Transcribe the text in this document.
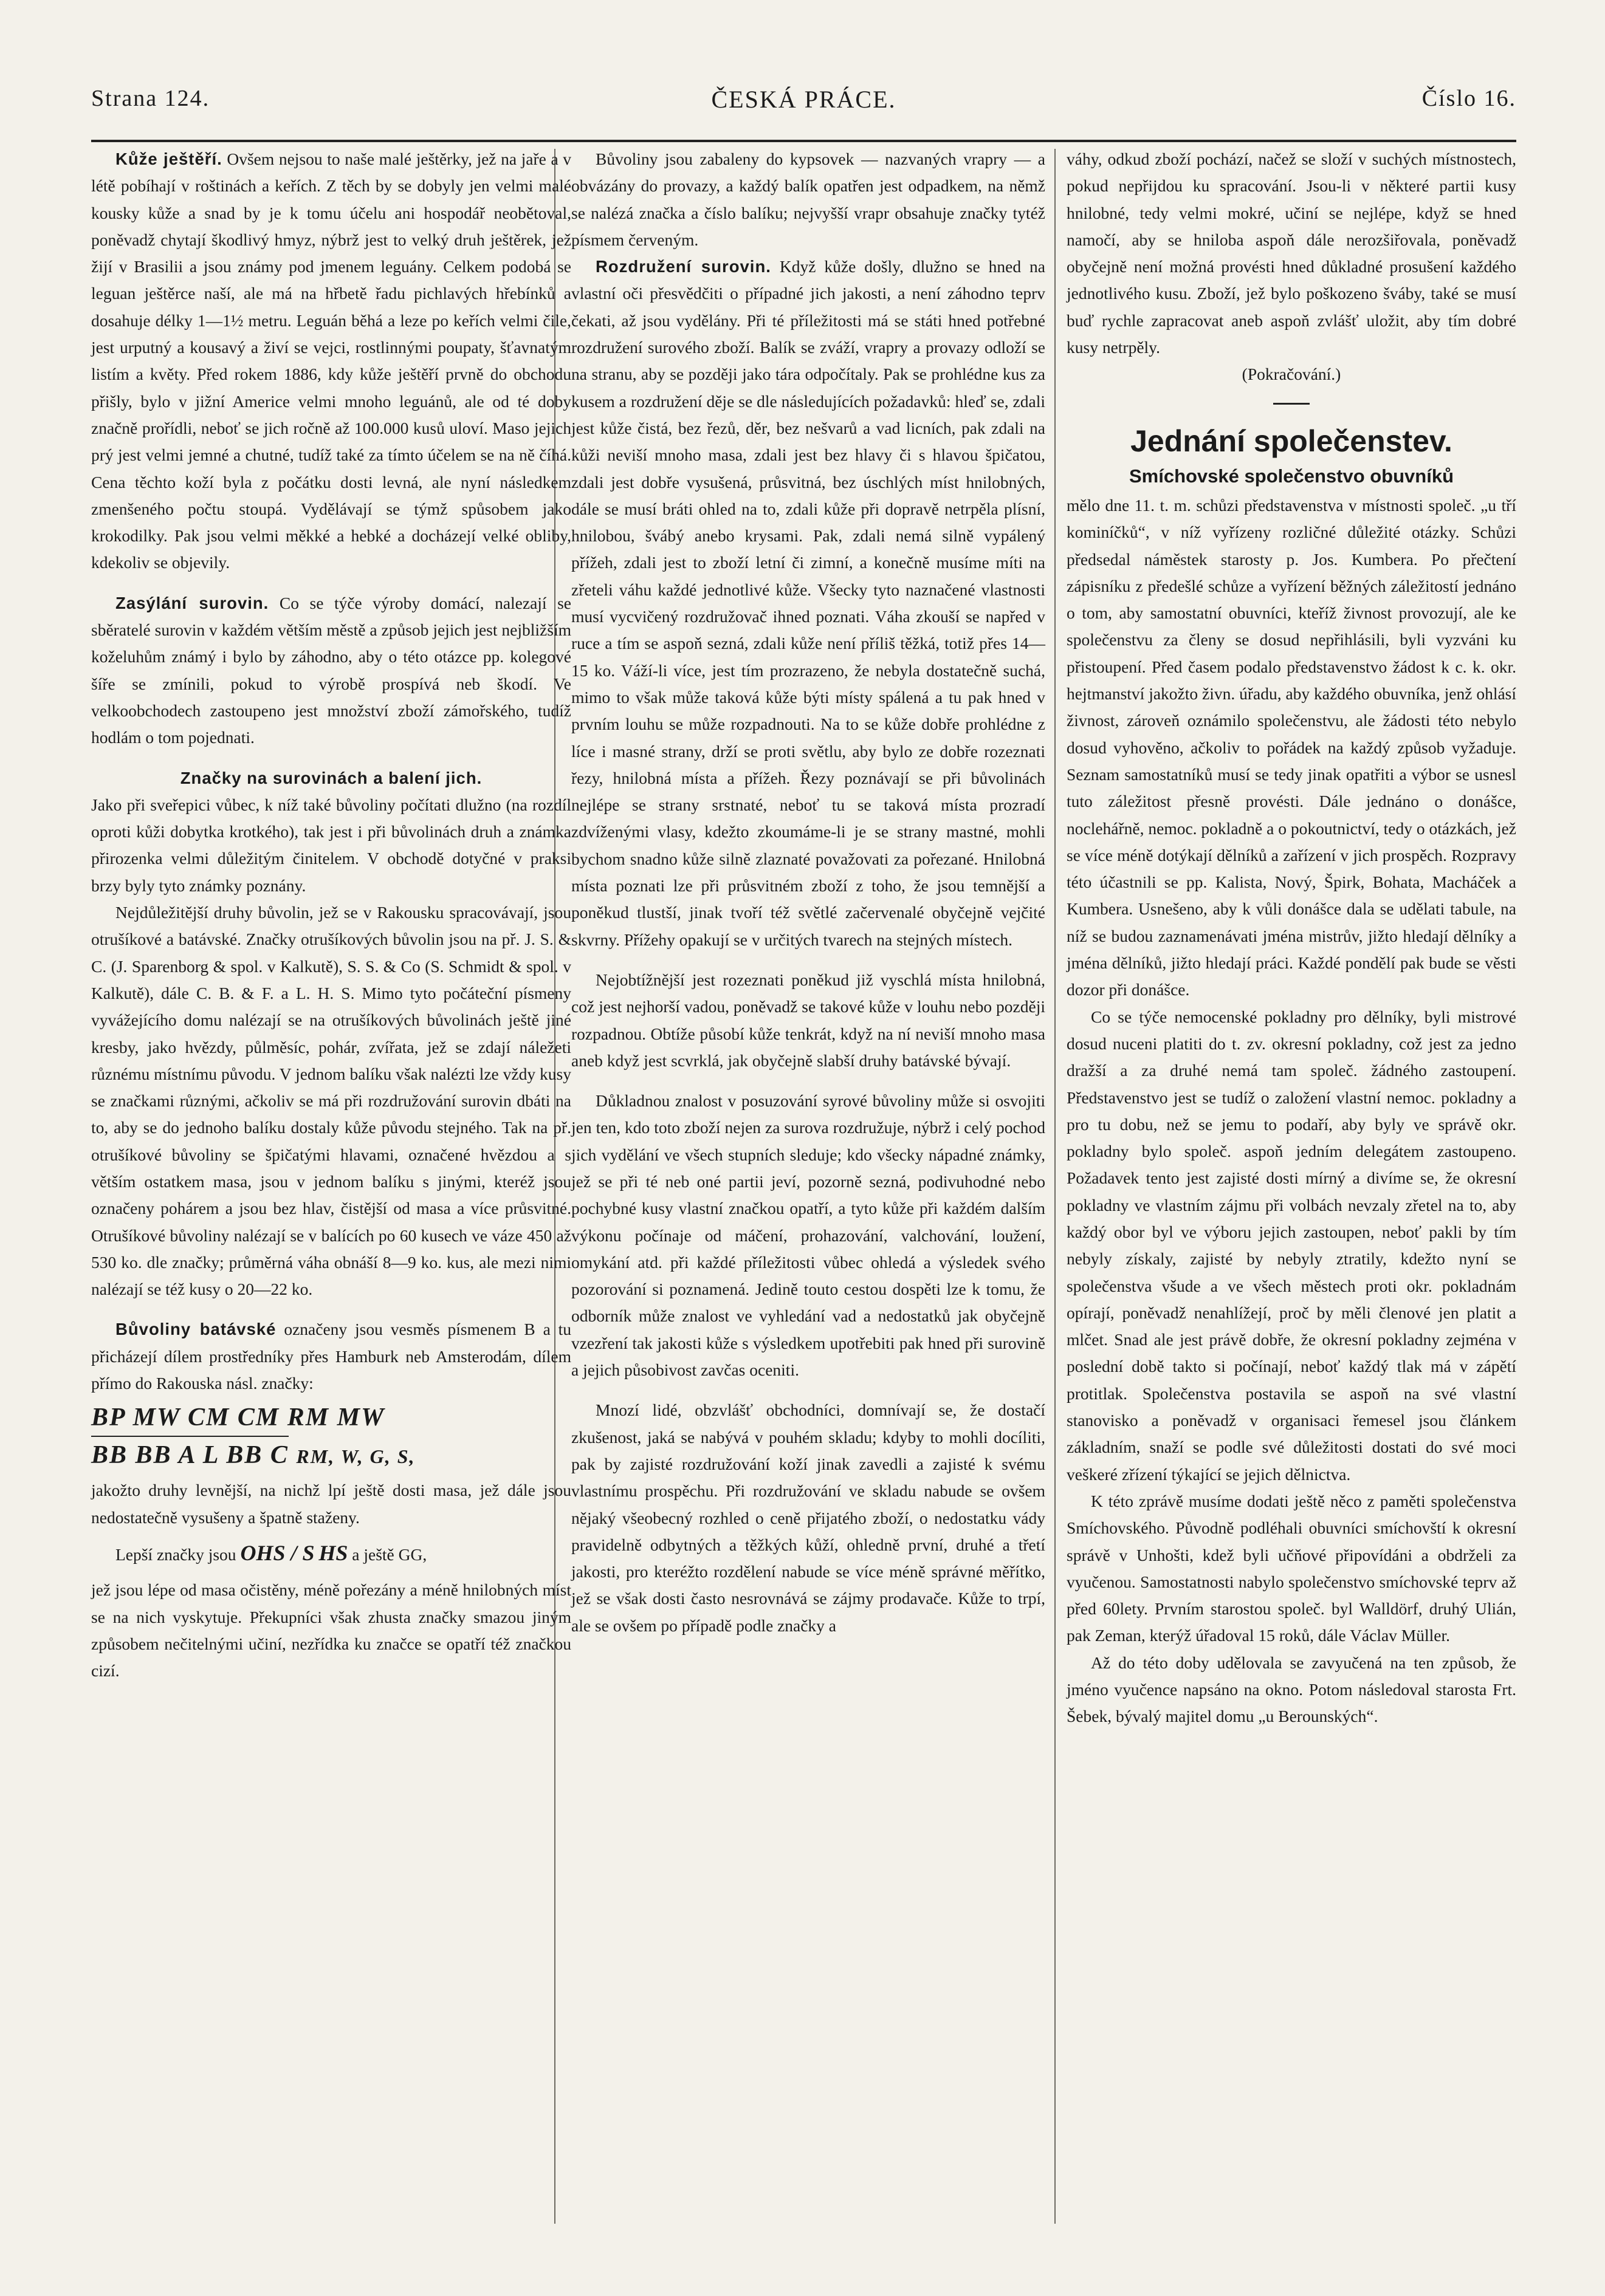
Strana 124.	ČESKÁ PRÁCE.	Číslo 16.

Kůže ještěří. Ovšem nejsou to naše malé ještěrky, jež na jaře a v létě pobíhají v roštinách a keřích. Z těch by se dobyly jen velmi malé kousky kůže a snad by je k tomu účelu ani hospodář neobětoval, poněvadž chytají škodlivý hmyz, nýbrž jest to velký druh ještěrek, jež žijí v Brasilii a jsou známy pod jmenem leguány. Celkem podobá se leguan ještěrce naší, ale má na hřbetě řadu pichlavých hřebínků a dosahuje délky 1—1½ metru. Leguán běhá a leze po keřích velmi čile, jest urputný a kousavý a živí se vejci, rostlinnými poupaty, šťavnatým listím a květy. Před rokem 1886, kdy kůže ještěří prvně do obchodu přišly, bylo v jižní Americe velmi mnoho leguánů, ale od té doby značně prořídli, neboť se jich ročně až 100.000 kusů uloví. Maso jejich prý jest velmi jemné a chutné, tudíž také za tímto účelem se na ně číhá. Cena těchto koží byla z počátku dosti levná, ale nyní následkem zmenšeného počtu stoupá. Vydělávají se týmž spůsobem jako krokodilky. Pak jsou velmi měkké a hebké a docházejí velké obliby, kdekoliv se objevily.

Zasýlání surovin. Co se týče výroby domácí, nalezají se sběratelé surovin v každém větším městě a způsob jejich jest nejbližším koželuhům známý i bylo by záhodno, aby o této otázce pp. kolegové šíře se zmínili, pokud to výrobě prospívá neb škodí. Ve velkoobchodech zastoupeno jest množství zboží zámořského, tudíž hodlám o tom pojednati.

Značky na surovinách a balení jich.

Jako při sveřepici vůbec, k níž také bůvoliny počítati dlužno (na rozdíl oproti kůži dobytka krotkého), tak jest i při bůvolinách druh a známka přirozenka velmi důležitým činitelem. V obchodě dotyčné v praksi brzy byly tyto známky poznány.

Nejdůležitější druhy bůvolin, jež se v Rakousku spracovávají, jsou otrušíkové a batávské. Značky otrušíkových bůvolin jsou na př. J. S. & C. (J. Sparenborg & spol. v Kalkutě), S. S. & Co (S. Schmidt & spol. v Kalkutě), dále C. B. & F. a L. H. S. Mimo tyto počáteční písmeny vyvážejícího domu nalézají se na otrušíkových bůvolinách ještě jiné kresby, jako hvězdy, půlměsíc, pohár, zvířata, jež se zdají náležeti různému místnímu původu. V jednom balíku však nalézti lze vždy kusy se značkami různými, ačkoliv se má při rozdružování surovin dbáti na to, aby se do jednoho balíku dostaly kůže původu stejného. Tak na př. otrušíkové bůvoliny se špičatými hlavami, označené hvězdou a s větším ostatkem masa, jsou v jednom balíku s jinými, kteréž jsou označeny pohárem a jsou bez hlav, čistější od masa a více průsvitné. Otrušíkové bůvoliny nalézají se v balících po 60 kusech ve váze 450 až 530 ko. dle značky; průměrná váha obnáší 8—9 ko. kus, ale mezi nimi nalézají se též kusy o 20—22 ko.

Bůvoliny batávské označeny jsou vesměs písmenem B a tu přicházejí dílem prostředníky přes Hamburk neb Amsterodám, dílem přímo do Rakouska násl. značky:

BP MW CM CM RM MW
BB BB A L BB C RM, W, G, S,

jakožto druhy levnější, na nichž lpí ještě dosti masa, jež dále jsou nedostatečně vysušeny a špatně staženy.

Lepší značky jsou OHS / S HS a ještě GG,

jež jsou lépe od masa očistěny, méně pořezány a méně hnilobných míst se na nich vyskytuje. Překupníci však zhusta značky smazou jiným způsobem nečitelnými učiní, nezřídka ku značce se opatří též značkou cizí.

Bůvoliny jsou zabaleny do kypsovek — nazvaných vrapry — a obvázány do provazy, a každý balík opatřen jest odpadkem, na němž se nalézá značka a číslo balíku; nejvyšší vrapr obsahuje značky tytéž písmem červeným.

Rozdružení surovin. Když kůže došly, dlužno se hned na vlastní oči přesvědčiti o případné jich jakosti, a není záhodno teprv čekati, až jsou vydělány. Při té příležitosti má se státi hned potřebné rozdružení surového zboží. Balík se zváží, vrapry a provazy odloží se na stranu, aby se později jako tára odpočítaly. Pak se prohlédne kus za kusem a rozdružení děje se dle následujících požadavků: hleď se, zdali jest kůže čistá, bez řezů, děr, bez nešvarů a vad licních, pak zdali na kůži neviší mnoho masa, zdali jest bez hlavy či s hlavou špičatou, zdali jest dobře vysušená, průsvitná, bez úschlých míst hnilobných, dále se musí bráti ohled na to, zdali kůže při dopravě netrpěla plísní, hnilobou, švábý anebo krysami. Pak, zdali nemá silně vypálený přížeh, zdali jest to zboží letní či zimní, a konečně musíme míti na zřeteli váhu každé jednotlivé kůže. Všecky tyto naznačené vlastnosti musí vycvičený rozdružovač ihned poznati. Váha zkouší se napřed v ruce a tím se aspoň sezná, zdali kůže není příliš těžká, totiž přes 14—15 ko. Váží-li více, jest tím prozrazeno, že nebyla dostatečně suchá, mimo to však může taková kůže býti místy spálená a tu pak hned v prvním louhu se může rozpadnouti. Na to se kůže dobře prohlédne z líce i masné strany, drží se proti světlu, aby bylo ze dobře rozeznati řezy, hnilobná místa a přížeh. Řezy poznávají se při bůvolinách nejlépe se strany srstnaté, neboť tu se taková místa prozradí zdvíženými vlasy, kdežto zkoumáme-li je se strany mastné, mohli bychom snadno kůže silně zlaznaté považovati za pořezané. Hnilobná místa poznati lze při průsvitném zboží z toho, že jsou temnější a poněkud tlustší, jinak tvoří též světlé začervenalé obyčejně vejčité skvrny. Přížehy opakují se v určitých tvarech na stejných místech.

Nejobtížnější jest rozeznati poněkud již vyschlá místa hnilobná, což jest nejhorší vadou, poněvadž se takové kůže v louhu nebo později rozpadnou. Obtíže působí kůže tenkrát, když na ní neviší mnoho masa aneb když jest scvrklá, jak obyčejně slabší druhy batávské bývají.

Důkladnou znalost v posuzování syrové bůvoliny může si osvojiti jen ten, kdo toto zboží nejen za surova rozdružuje, nýbrž i celý pochod jich vydělání ve všech stupních sleduje; kdo všecky nápadné známky, jež se při té neb oné partii jeví, pozorně sezná, podivuhodné nebo pochybné kusy vlastní značkou opatří, a tyto kůže při každém dalším výkonu počínaje od máčení, prohazování, valchování, loužení, omykání atd. při každé příležitosti vůbec ohledá a výsledek svého pozorování si poznamená. Jedině touto cestou dospěti lze k tomu, že odborník může znalost ve vyhledání vad a nedostatků jak obyčejně vzezření tak jakosti kůže s výsledkem upotřebiti pak hned při surovině a jejich působivost zavčas oceniti.

Mnozí lidé, obzvlášť obchodníci, domnívají se, že dostačí zkušenost, jaká se nabývá v pouhém skladu; kdyby to mohli docíliti, pak by zajisté rozdružování koží jinak zavedli a zajisté k svému vlastnímu prospěchu. Při rozdružování ve skladu nabude se ovšem nějaký všeobecný rozhled o ceně přijatého zboží, o nedostatku vády pravidelně odbytných a těžkých kůží, ohledně první, druhé a třetí jakosti, pro kteréžto rozdělení nabude se více méně správné měřítko, jež se však dosti často nesrovnává se zájmy prodavače. Kůže to trpí, ale se ovšem po případě podle značky a

váhy, odkud zboží pochází, načež se složí v suchých místnostech, pokud nepřijdou ku spracování. Jsou-li v některé partii kusy hnilobné, tedy velmi mokré, učiní se nejlépe, když se hned namočí, aby se hniloba aspoň dále nerozšiřovala, poněvadž obyčejně není možná provésti hned důkladné prosušení každého jednotlivého kusu. Zboží, jež bylo poškozeno šváby, také se musí buď rychle zapracovat aneb aspoň zvlášť uložit, aby tím dobré kusy netrpěly.

(Pokračování.)

Jednání společenstev.
Smíchovské společenstvo obuvníků

mělo dne 11. t. m. schůzi představenstva v místnosti společ. „u tří kominíčků“, v níž vyřízeny rozličné důležité otázky. Schůzi předsedal náměstek starosty p. Jos. Kumbera. Po přečtení zápisníku z předešlé schůze a vyřízení běžných záležitostí jednáno o tom, aby samostatní obuvníci, kteříž živnost provozují, ale ke společenstvu za členy se dosud nepřihlásili, byli vyzváni ku přistoupení. Před časem podalo představenstvo žádost k c. k. okr. hejtmanství jakožto živn. úřadu, aby každého obuvníka, jenž ohlásí živnost, zároveň oznámilo společenstvu, ale žádosti této nebylo dosud vyhověno, ačkoliv to pořádek na každý způsob vyžaduje. Seznam samostatníků musí se tedy jinak opatřiti a výbor se usnesl tuto záležitost přesně provésti. Dále jednáno o donášce, noclehářně, nemoc. pokladně a o pokoutnictví, tedy o otázkách, jež se více méně dotýkají dělníků a zařízení v jich prospěch. Rozpravy této účastnili se pp. Kalista, Nový, Špirk, Bohata, Macháček a Kumbera. Usnešeno, aby k vůli donášce dala se udělati tabule, na níž se budou zaznamenávati jména mistrův, jižto hledají dělníky a jména dělníků, jižto hledají práci. Každé pondělí pak bude se věsti dozor při donášce.

Co se týče nemocenské pokladny pro dělníky, byli mistrové dosud nuceni platiti do t. zv. okresní pokladny, což jest za jedno dražší a za druhé nemá tam společ. žádného zastoupení. Představenstvo jest se tudíž o založení vlastní nemoc. pokladny a pro tu dobu, než se jemu to podaří, aby byly ve správě okr. pokladny bylo společ. aspoň jedním delegátem zastoupeno. Požadavek tento jest zajisté dosti mírný a divíme se, že okresní pokladny ve vlastním zájmu při volbách nevzaly zřetel na to, aby každý obor byl ve výboru jejich zastoupen, neboť pakli by tím nebyly získaly, zajisté by nebyly ztratily, kdežto nyní se společenstva všude a ve všech městech proti okr. pokladnám opírají, poněvadž nenahlížejí, proč by měli členové jen platit a mlčet. Snad ale jest právě dobře, že okresní pokladny zejména v poslední době takto si počínají, neboť každý tlak má v zápětí protitlak. Společenstva postavila se aspoň na své vlastní stanovisko a poněvadž v organisaci řemesel jsou článkem základním, snaží se podle své důležitosti dostati do své moci veškeré zřízení týkající se jejich dělnictva.

K této zprávě musíme dodati ještě něco z paměti společenstva Smíchovského. Původně podléhali obuvníci smíchovští k okresní správě v Unhošti, kdež byli učňové připovídáni a obdrželi za vyučenou. Samostatnosti nabylo společenstvo smíchovské teprv až před 60lety. Prvním starostou společ. byl Walldörf, druhý Ulián, pak Zeman, kterýž úřadoval 15 roků, dále Václav Müller.

Až do této doby udělovala se zavyučená na ten způsob, že jméno vyučence napsáno na okno. Potom následoval starosta Frt. Šebek, bývalý majitel domu „u Berounských“.
